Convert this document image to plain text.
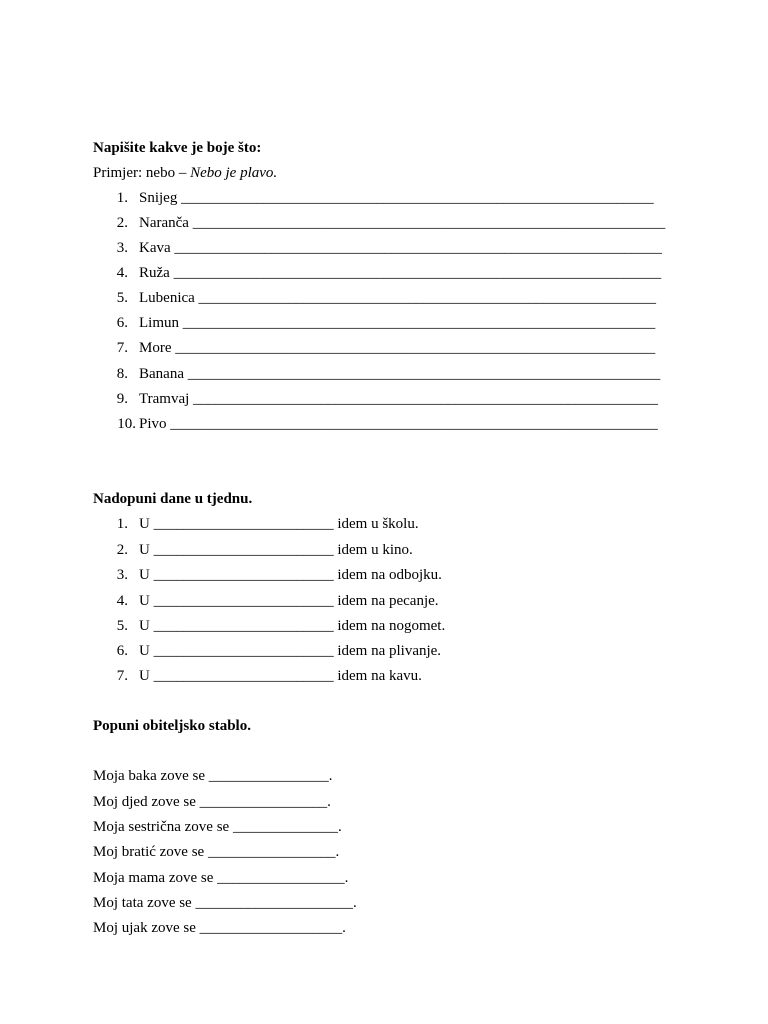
Napišite kakve je boje što:
Primjer: nebo – Nebo je plavo.
1. Snijeg _______________________________________________________________
2. Naranča _______________________________________________________________
3. Kava _________________________________________________________________
4. Ruža _________________________________________________________________
5. Lubenica _____________________________________________________________
6. Limun _______________________________________________________________
7. More ________________________________________________________________
8. Banana _______________________________________________________________
9. Tramvaj ______________________________________________________________
10. Pivo _________________________________________________________________
Nadopuni dane u tjednu.
1. U ________________________ idem u školu.
2. U ________________________ idem u kino.
3. U ________________________ idem na odbojku.
4. U ________________________ idem na pecanje.
5. U ________________________ idem na nogomet.
6. U ________________________ idem na plivanje.
7. U ________________________ idem na kavu.
Popuni obiteljsko stablo.
Moja baka zove se ________________.
Moj djed zove se _________________.
Moja sestrična zove se ______________.
Moj bratić zove se _________________.
Moja mama zove se _________________.
Moj tata zove se _____________________.
Moj ujak zove se ___________________.
